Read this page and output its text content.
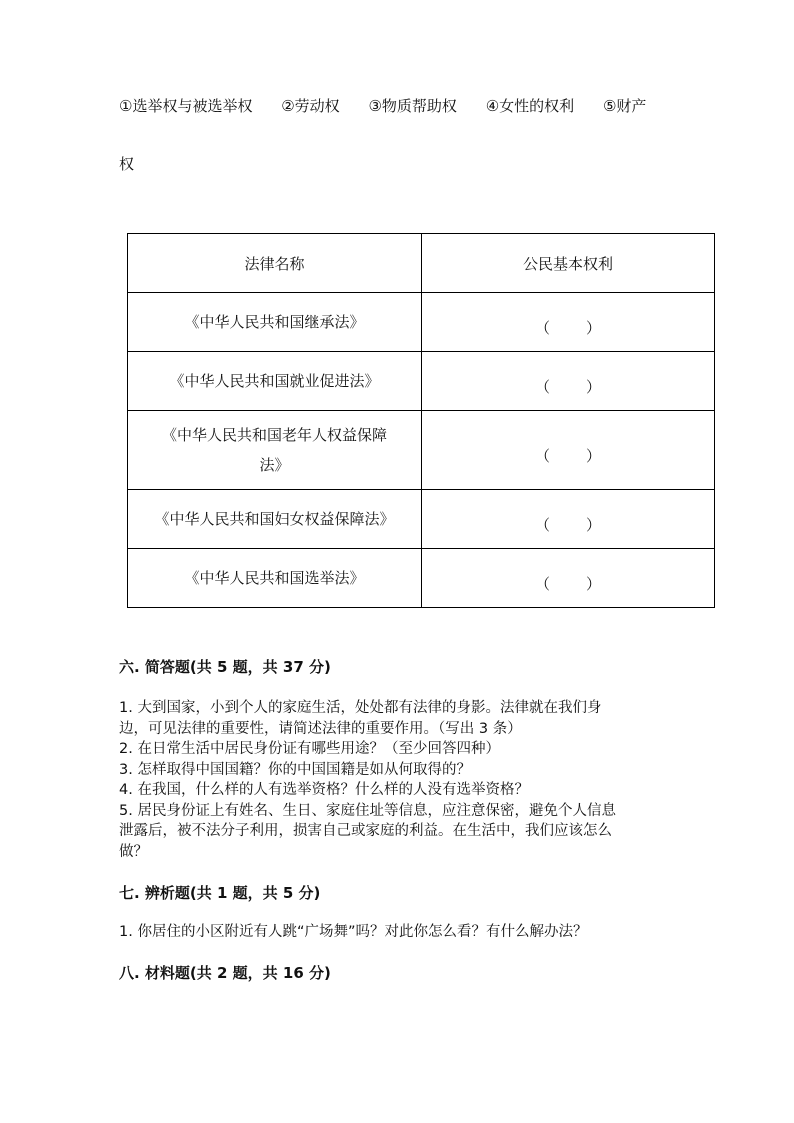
①选举权与被选举权 ②劳动权 ③物质帮助权 ④女性的权利 ⑤财产
权
法律名称	公民基本权利
《中华人民共和国继承法》	（ ）

《中华人民共和国就业促进法》	（ ）

《中华人民共和国老年人权益保障
法》	（ ）

《中华人民共和国妇女权益保障法》	（ ）

《中华人民共和国选举法》	（ ）
六. 简答题(共 5 题，共 37 分)

1. 大到国家，小到个人的家庭生活，处处都有法律的身影。法律就在我们身

边，可见法律的重要性，请简述法律的重要作用。（写出 3 条）

2. 在日常生活中居民身份证有哪些用途？（至少回答四种）

3. 怎样取得中国国籍？你的中国国籍是如从何取得的？

4. 在我国，什么样的人有选举资格？什么样的人没有选举资格？

5. 居民身份证上有姓名、生日、家庭住址等信息，应注意保密，避免个人信息

泄露后，被不法分子利用，损害自己或家庭的利益。在生活中，我们应该怎么

做？

七. 辨析题(共 1 题，共 5 分)

1. 你居住的小区附近有人跳“广场舞”吗？对此你怎么看？有什么解办法？

八. 材料题(共 2 题，共 16 分)
